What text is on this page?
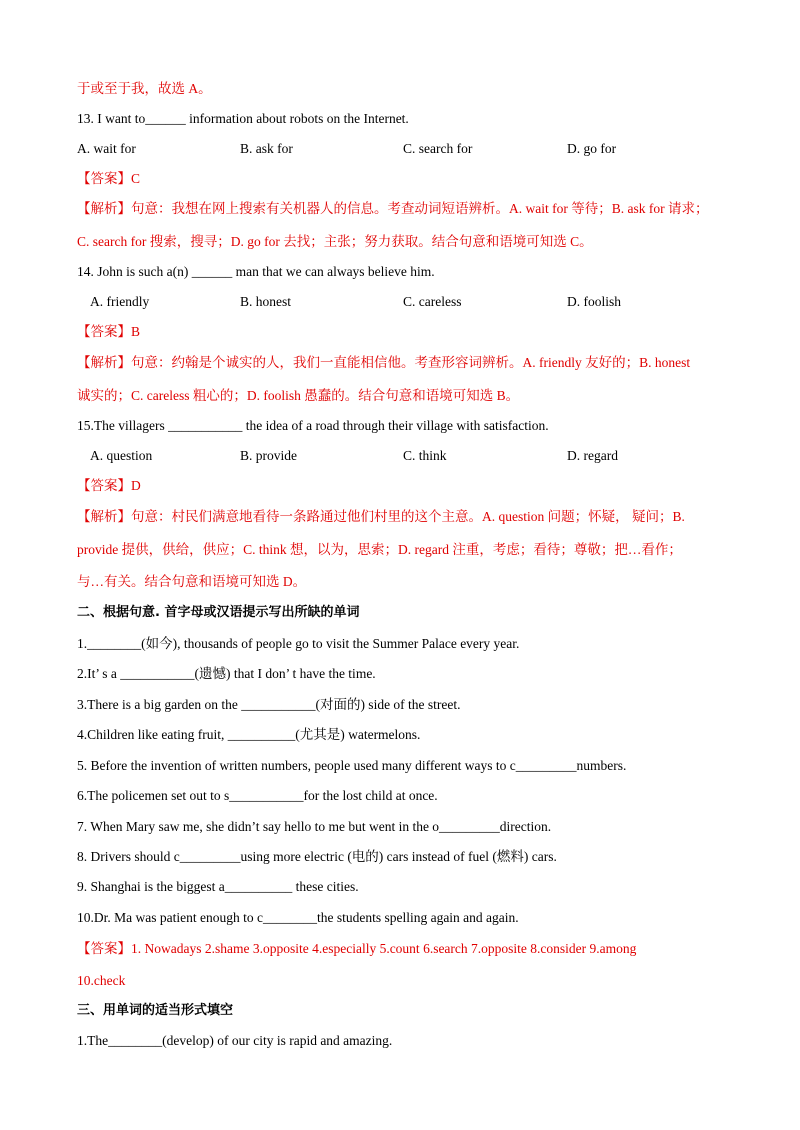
于或至于我，故选 A。
13. I want to______ information about robots on the Internet.
A. wait for	B. ask for	C. search for	D. go for
【答案】C
【解析】句意：我想在网上搜索有关机器人的信息。考查动词短语辨析。A. wait for 等待；B. ask for 请求；
C. search for 搜索，搜寻；D. go for 去找；主张；努力获取。结合句意和语境可知选 C。
14. John is such a(n) ______ man that we can always believe him.
A. friendly	B. honest	C. careless	D. foolish
【答案】B
【解析】句意：约翰是个诚实的人，我们一直能相信他。考查形容词辨析。A. friendly 友好的；B. honest
诚实的；C. careless 粗心的；D. foolish 愚蠢的。结合句意和语境可知选 B。
15.The villagers ___________ the idea of a road through their village with satisfaction.
A. question	B. provide	C. think	D. regard
【答案】D
【解析】句意：村民们满意地看待一条路通过他们村里的这个主意。A. question 问题；怀疑， 疑问；B.
provide 提供，供给，供应；C. think 想，以为，思索；D. regard 注重，考虑；看待；尊敬；把…看作；
与…有关。结合句意和语境可知选 D。
二、根据句意. 首字母或汉语提示写出所缺的单词
1.________(如今), thousands of people go to visit the Summer Palace every year.
2.It’ s a ___________(遗憾) that I don’ t have the time.
3.There is a big garden on the ___________(对面的) side of the street.
4.Children like eating fruit, __________(尤其是) watermelons.
5. Before the invention of written numbers, people used many different ways to c_________numbers.
6.The policemen set out to s___________for the lost child at once.
7. When Mary saw me, she didn’t say hello to me but went in the o_________direction.
8. Drivers should c_________using more electric (电的) cars instead of fuel (燃料) cars.
9. Shanghai is the biggest a__________ these cities.
10.Dr. Ma was patient enough to c________the students spelling again and again.
【答案】1. Nowadays 2.shame 3.opposite 4.especially 5.count 6.search 7.opposite 8.consider 9.among
10.check
三、用单词的适当形式填空
1.The________(develop) of our city is rapid and amazing.
